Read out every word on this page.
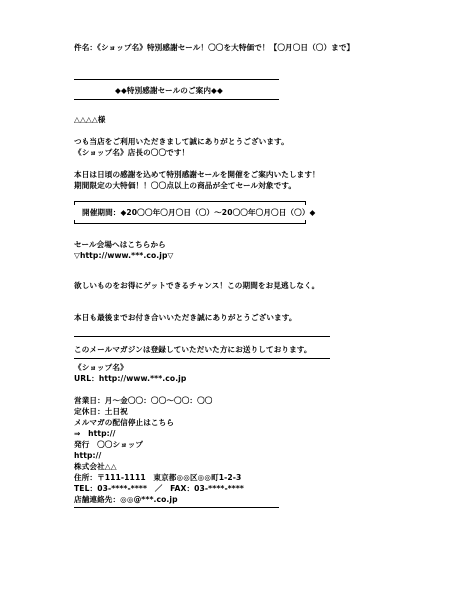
件名：《ショップ名》特別感謝セール！〇〇を大特価で！【〇月〇日（〇）まで】
◆◆特別感謝セールのご案内◆◆
△△△△様
つも当店をご利用いただきまして誠にありがとうございます。
《ショップ名》店長の〇〇です！
本日は日頃の感謝を込めて特別感謝セールを開催をご案内いたします！
期間限定の大特価！！〇〇点以上の商品が全てセール対象です。
開催期間：◆20〇〇年〇月〇日（〇）～20〇〇年〇月〇日（〇）◆
セール会場へはこちらから
▽http://www.***.co.jp▽
欲しいものをお得にゲットできるチャンス！この期間をお見逃しなく。
本日も最後までお付き合いいただき誠にありがとうございます。
このメールマガジンは登録していただいた方にお送りしております。
《ショップ名》
URL：http://www.***.co.jp
営業日：月～金〇〇：〇〇～〇〇：〇〇
定休日：土日祝
メルマガの配信停止はこちら
⇒　http://
発行　〇〇ショップ
http://
株式会社△△
住所：〒111-1111　東京都◎◎区◎◎町1-2-3
TEL：03-****-****　／　FAX：03-****-****
店舗連絡先：◎◎@***.co.jp
